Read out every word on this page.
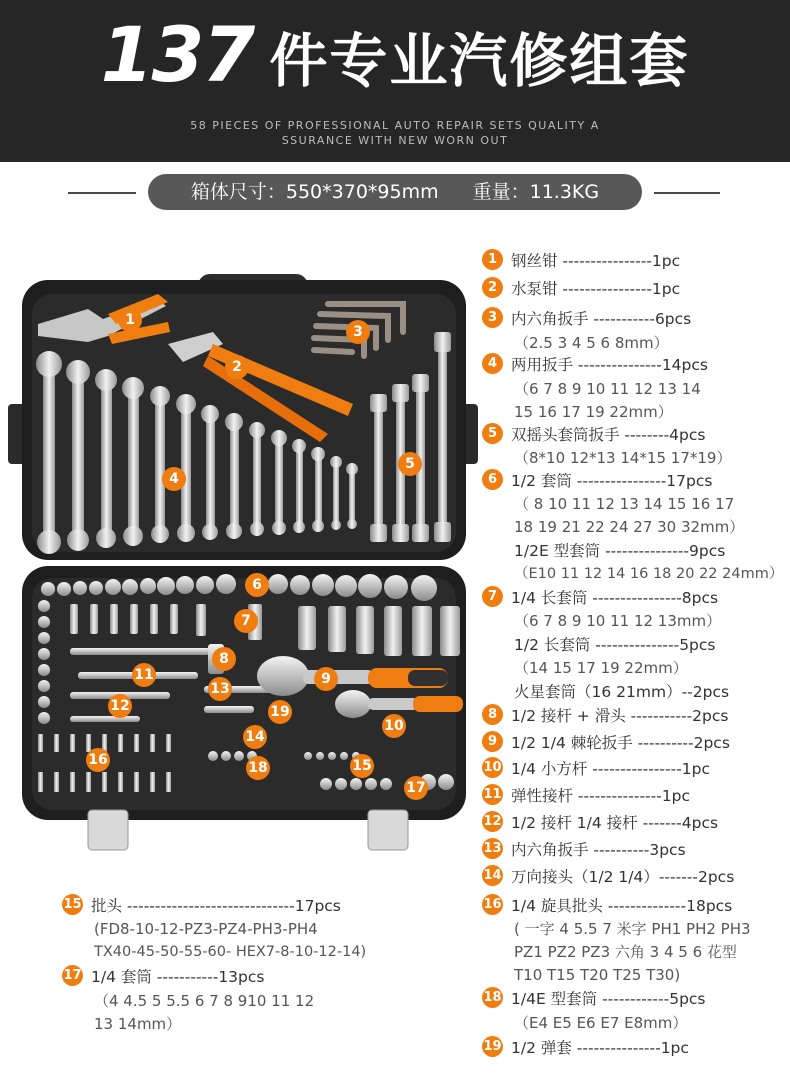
137 件专业汽修组套
58 PIECES OF PROFESSIONAL AUTO REPAIR SETS QUALITY A
SSURANCE WITH NEW WORN OUT
箱体尺寸：550*370*95mm 重量：11.3KG
1
2
3
4
5
6
7
8
9
10
11
12
13
14
15
16
17
18
19
1 钢丝钳 ----------------1pc
2 水泵钳 ----------------1pc
3 内六角扳手 -----------6pcs
（2.5 3 4 5 6 8mm）
4 两用扳手 ---------------14pcs
（6 7 8 9 10 11 12 13 14
15 16 17 19 22mm）
5 双摇头套筒扳手 --------4pcs
（8*10 12*13 14*15 17*19）
6 1/2 套筒 ----------------17pcs
（ 8 10 11 12 13 14 15 16 17
18 19 21 22 24 27 30 32mm）
1/2E 型套筒 ---------------9pcs
（E10 11 12 14 16 18 20 22 24mm）
7 1/4 长套筒 ----------------8pcs
（6 7 8 9 10 11 12 13mm）
1/2 长套筒 ---------------5pcs
（14 15 17 19 22mm）
火星套筒（16 21mm）--2pcs
8 1/2 接杆 + 滑头 -----------2pcs
9 1/2 1/4 棘轮扳手 ----------2pcs
10 1/4 小方杆 ----------------1pc
11 弹性接杆 ---------------1pc
12 1/2 接杆 1/4 接杆 -------4pcs
13 内六角扳手 ----------3pcs
14 万向接头（1/2 1/4）-------2pcs
16 1/4 旋具批头 --------------18pcs
( 一字 4 5.5 7 米字 PH1 PH2 PH3
PZ1 PZ2 PZ3 六角 3 4 5 6 花型
T10 T15 T20 T25 T30)
18 1/4E 型套筒 ------------5pcs
（E4 E5 E6 E7 E8mm）
19 1/2 弹套 ---------------1pc
15 批头 ------------------------------17pcs
(FD8-10-12-PZ3-PZ4-PH3-PH4
TX40-45-50-55-60- HEX7-8-10-12-14)
17 1/4 套筒 -----------13pcs
（4 4.5 5 5.5 6 7 8 910 11 12
13 14mm）
